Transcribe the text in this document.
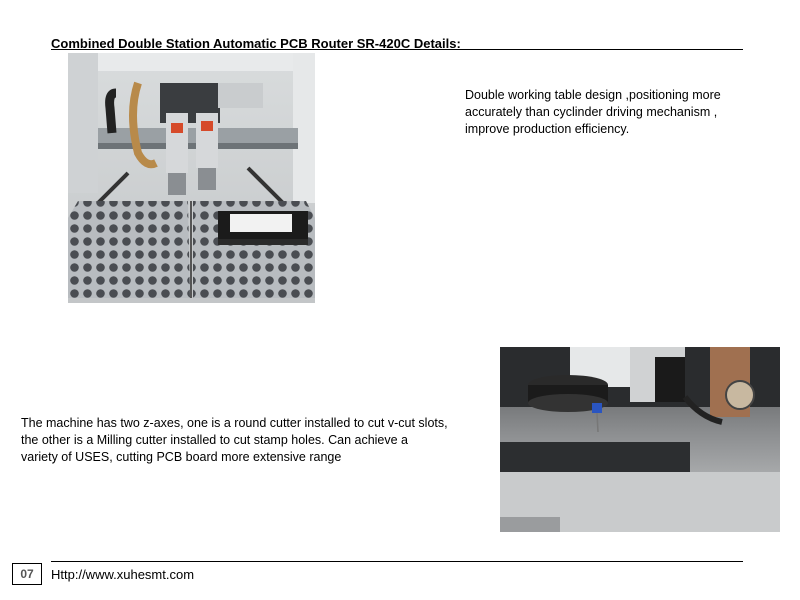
Combined Double Station Automatic PCB Router SR-420C Details:

Double working table design ,positioning more

accurately than cyclinder driving mechanism ,

improve production efficiency.

The machine has two z-axes, one is a round cutter installed to cut v-cut slots,

the other is a Milling cutter installed to cut stamp holes. Can achieve a

variety of USES, cutting PCB board more extensive range

07	Http://www.xuhesmt.com
